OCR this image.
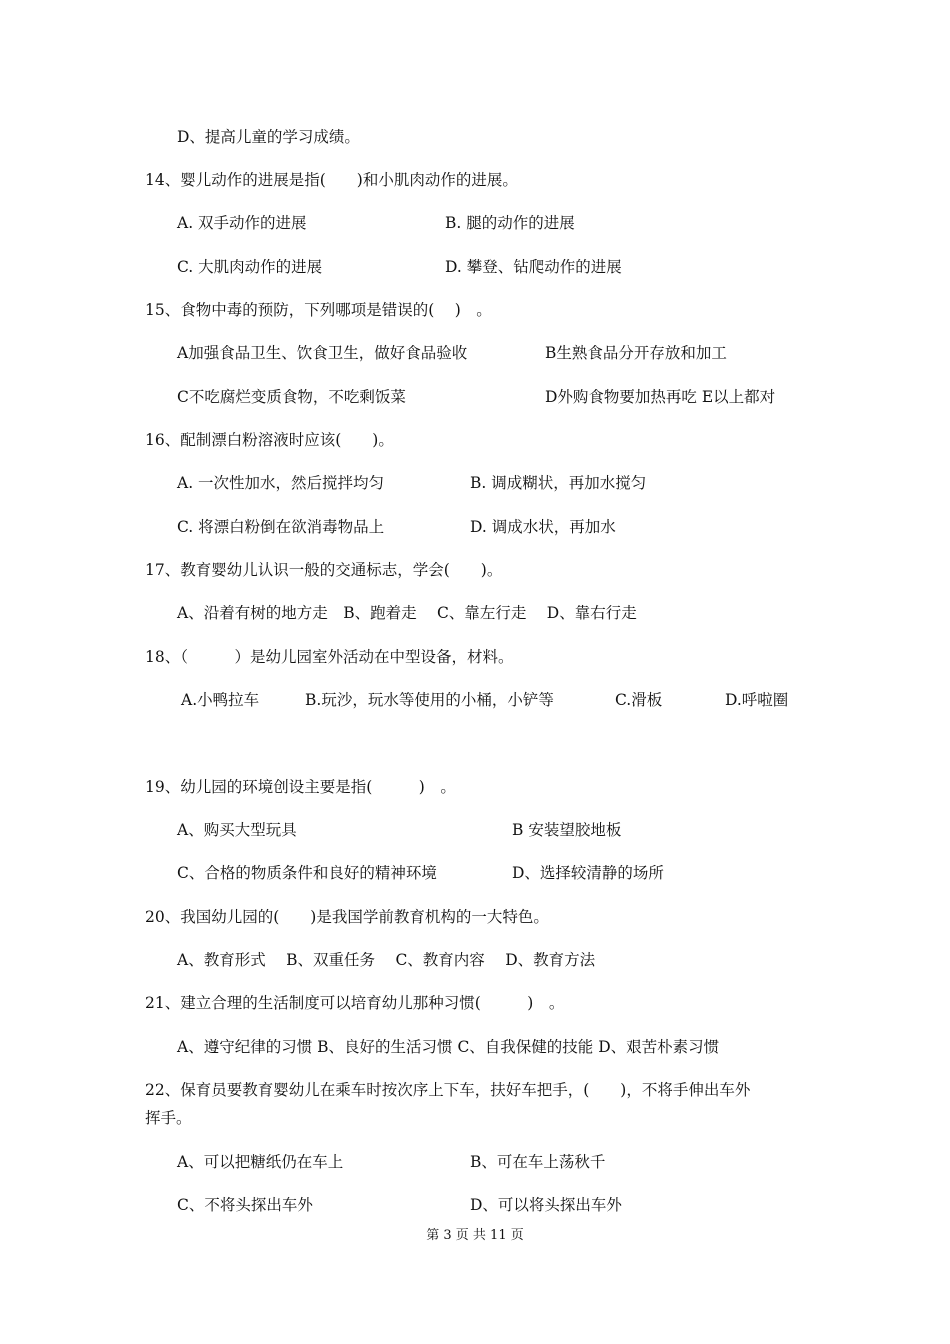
D、提高儿童的学习成绩。
14、婴儿动作的进展是指(　　)和小肌肉动作的进展。
A. 双手动作的进展	B. 腿的动作的进展
C. 大肌肉动作的进展	D. 攀登、钻爬动作的进展
15、食物中毒的预防，下列哪项是错误的(　 )　。
A加强食品卫生、饮食卫生，做好食品验收	B生熟食品分开存放和加工
C不吃腐烂变质食物，不吃剩饭菜	D外购食物要加热再吃 E以上都对
16、配制漂白粉溶液时应该(　　)。
A. 一次性加水，然后搅拌均匀	B. 调成糊状，再加水搅匀
C. 将漂白粉倒在欲消毒物品上	D. 调成水状，再加水
17、教育婴幼儿认识一般的交通标志，学会(　　)。
A、沿着有树的地方走　B、跑着走　 C、靠左行走　 D、靠右行走
18、（　　　）是幼儿园室外活动在中型设备，材料。
A.小鸭拉车	B.玩沙，玩水等使用的小桶，小铲等	C.滑板	D.呼啦圈
19、幼儿园的环境创设主要是指(　　　)　。
A、购买大型玩具	B 安装望胶地板
C、合格的物质条件和良好的精神环境	D、选择较清静的场所
20、我国幼儿园的(　　)是我国学前教育机构的一大特色。
A、教育形式　 B、双重任务　 C、教育内容　 D、教育方法
21、建立合理的生活制度可以培育幼儿那种习惯(　　　)　。
A、遵守纪律的习惯 B、良好的生活习惯 C、自我保健的技能 D、艰苦朴素习惯
22、保育员要教育婴幼儿在乘车时按次序上下车，扶好车把手，(　　)，不将手伸出车外
挥手。
A、可以把糖纸仍在车上	B、可在车上荡秋千
C、不将头探出车外	D、可以将头探出车外
第 3 页 共 11 页
